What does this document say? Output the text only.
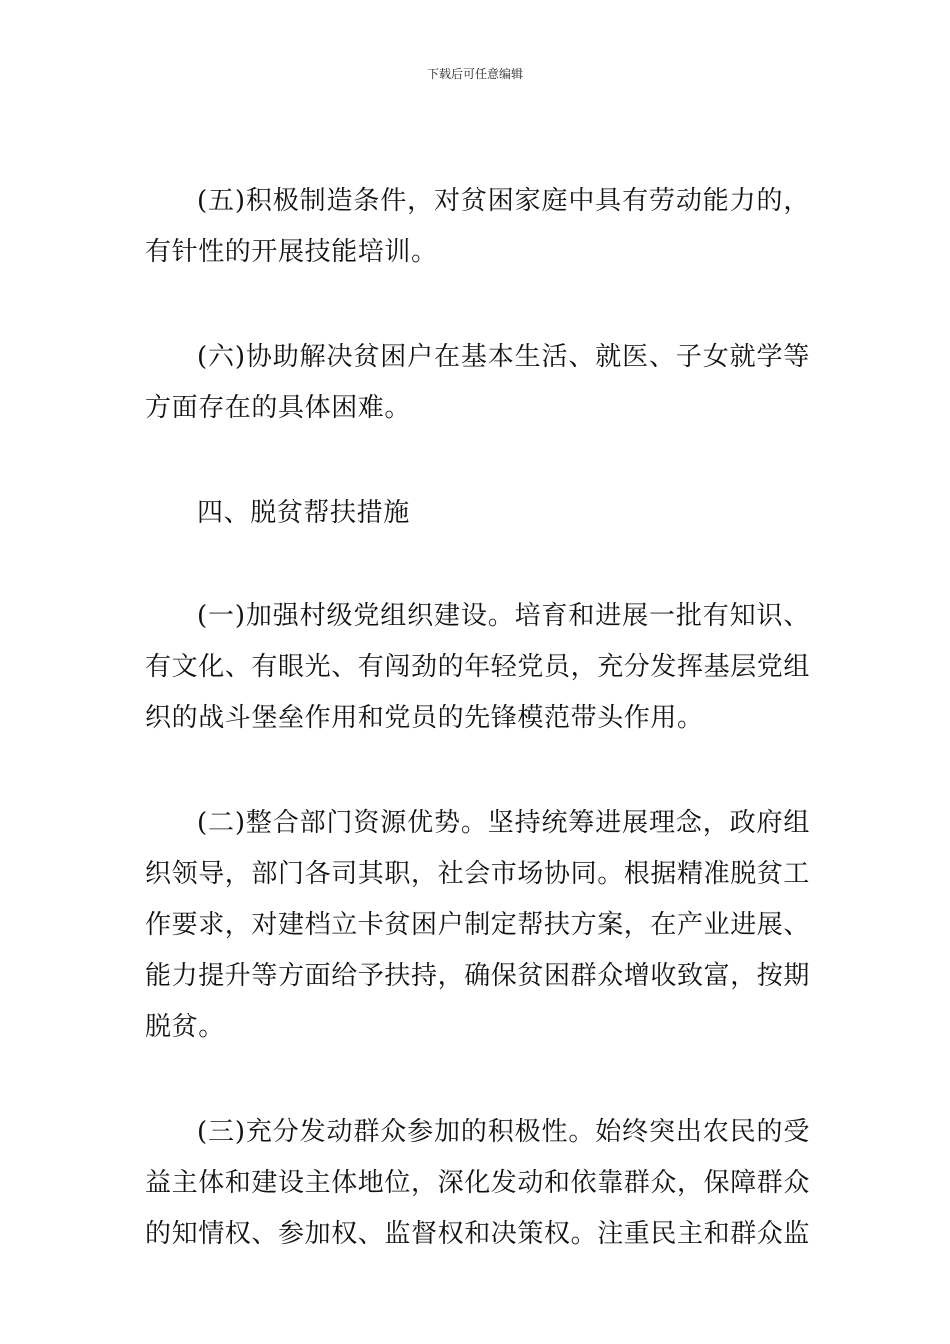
下载后可任意编辑

(五)积极制造条件，对贫困家庭中具有劳动能力的，有针性的开展技能培训。

(六)协助解决贫困户在基本生活、就医、子女就学等方面存在的具体困难。

四、脱贫帮扶措施

(一)加强村级党组织建设。培育和进展一批有知识、有文化、有眼光、有闯劲的年轻党员，充分发挥基层党组织的战斗堡垒作用和党员的先锋模范带头作用。

(二)整合部门资源优势。坚持统筹进展理念，政府组织领导，部门各司其职，社会市场协同。根据精准脱贫工作要求，对建档立卡贫困户制定帮扶方案，在产业进展、能力提升等方面给予扶持，确保贫困群众增收致富，按期脱贫。

(三)充分发动群众参加的积极性。始终突出农民的受益主体和建设主体地位，深化发动和依靠群众，保障群众的知情权、参加权、监督权和决策权。注重民主和群众监
